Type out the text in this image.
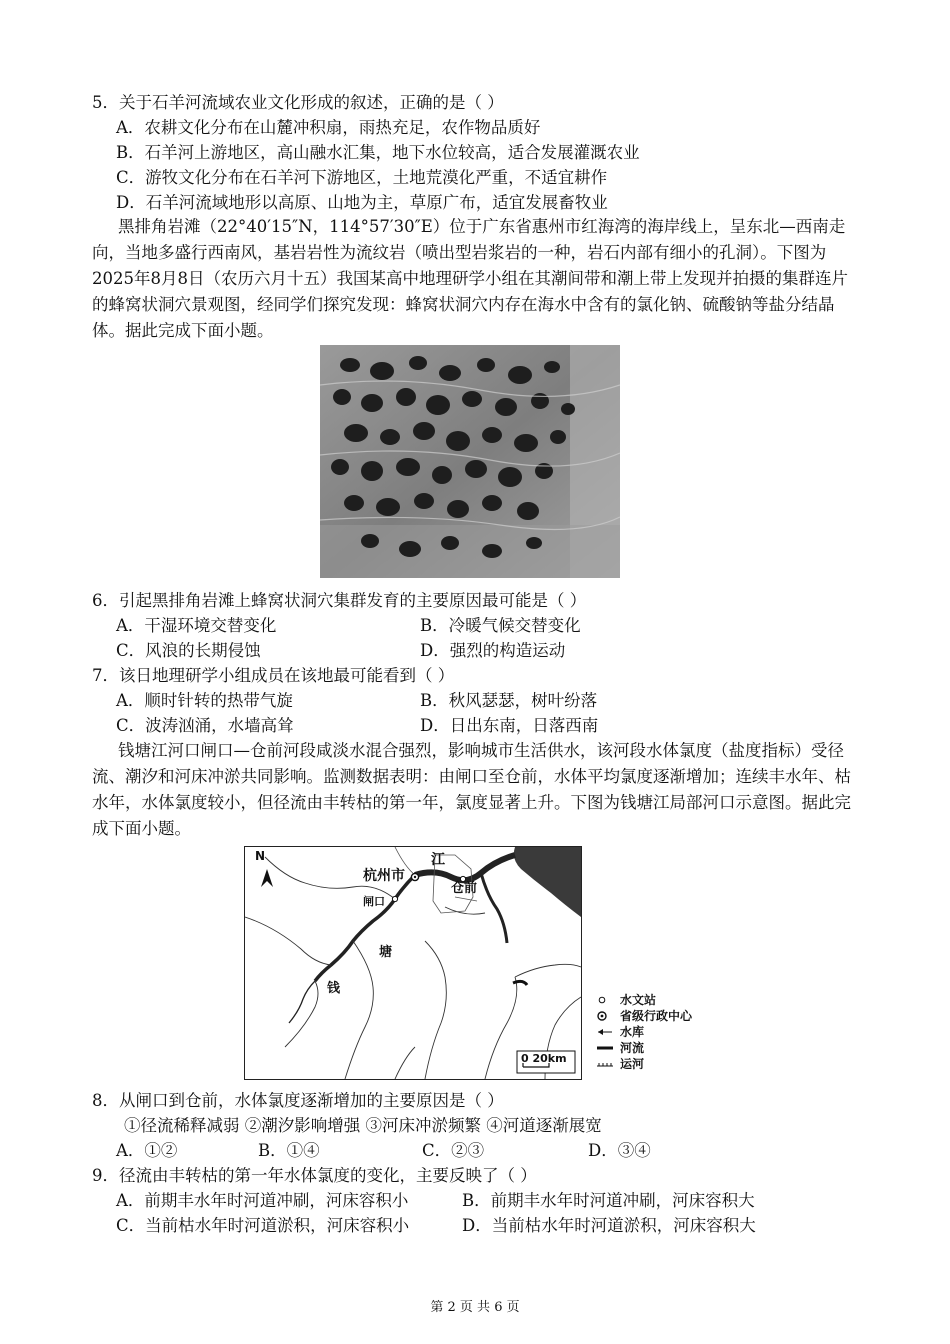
5．关于石羊河流域农业文化形成的叙述，正确的是（ ）
A．农耕文化分布在山麓冲积扇，雨热充足，农作物品质好
B．石羊河上游地区，高山融水汇集，地下水位较高，适合发展灌溉农业
C．游牧文化分布在石羊河下游地区，土地荒漠化严重，不适宜耕作
D．石羊河流域地形以高原、山地为主，草原广布，适宜发展畜牧业
黑排角岩滩（22°40′15″N，114°57′30″E）位于广东省惠州市红海湾的海岸线上，呈东北—西南走向，当地多盛行西南风，基岩岩性为流纹岩（喷出型岩浆岩的一种，岩石内部有细小的孔洞）。下图为2025年8月8日（农历六月十五）我国某高中地理研学小组在其潮间带和潮上带上发现并拍摄的集群连片的蜂窝状洞穴景观图，经同学们探究发现：蜂窝状洞穴内存在海水中含有的氯化钠、硫酸钠等盐分结晶体。据此完成下面小题。
6．引起黑排角岩滩上蜂窝状洞穴集群发育的主要原因最可能是（ ）
A．干湿环境交替变化	B．冷暖气候交替变化
C．风浪的长期侵蚀	D．强烈的构造运动
7．该日地理研学小组成员在该地最可能看到（ ）
A．顺时针转的热带气旋	B．秋风瑟瑟，树叶纷落
C．波涛汹涌，水墙高耸	D．日出东南，日落西南
钱塘江河口闸口—仓前河段咸淡水混合强烈，影响城市生活供水，该河段水体氯度（盐度指标）受径流、潮汐和河床冲淤共同影响。监测数据表明：由闸口至仓前，水体平均氯度逐渐增加；连续丰水年、枯水年，水体氯度较小，但径流由丰转枯的第一年，氯度显著上升。下图为钱塘江局部河口示意图。据此完成下面小题。
N
杭州市
江
仓前
闸口
塘
钱
0 20km
水文站
省级行政中心
水库
河流
运河
8．从闸口到仓前，水体氯度逐渐增加的主要原因是（ ）
①径流稀释减弱 ②潮汐影响增强 ③河床冲淤频繁 ④河道逐渐展宽
A．①②	B．①④	C．②③	D．③④
9．径流由丰转枯的第一年水体氯度的变化，主要反映了（ ）
A．前期丰水年时河道冲刷，河床容积小	B．前期丰水年时河道冲刷，河床容积大
C．当前枯水年时河道淤积，河床容积小	D．当前枯水年时河道淤积，河床容积大
第 2 页 共 6 页
